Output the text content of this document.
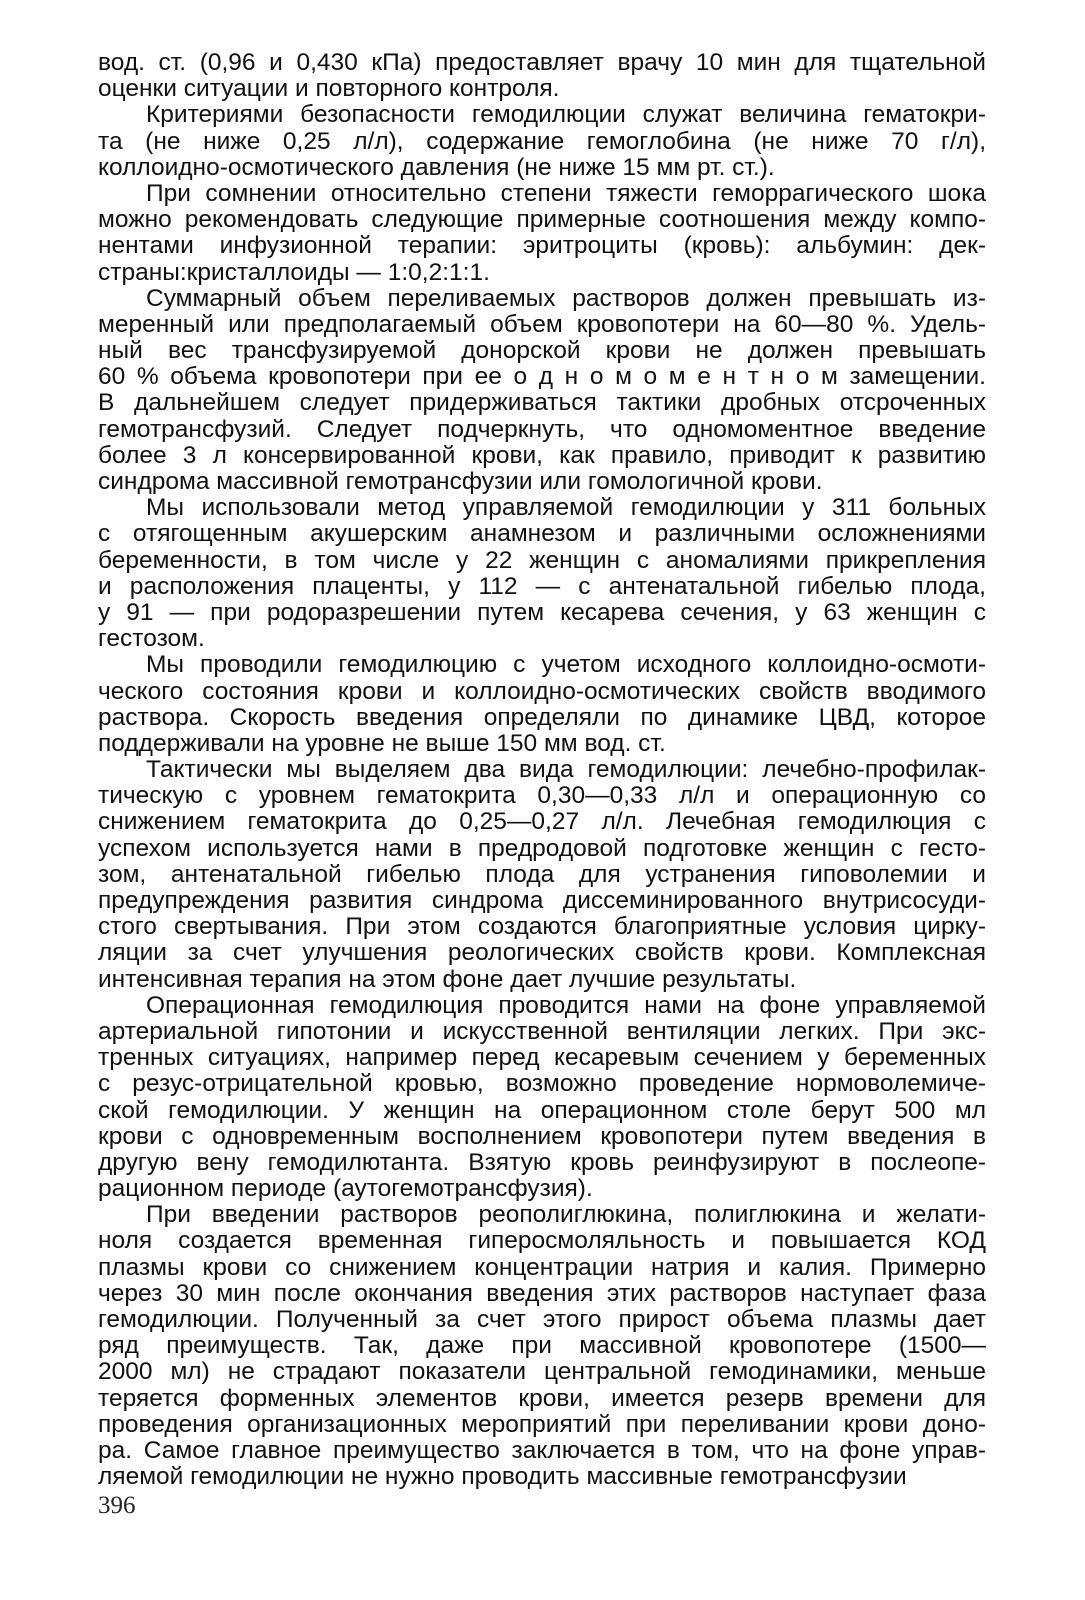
вод. ст. (0,96 и 0,430 кПа) предоставляет врачу 10 мин для тщательной
оценки ситуации и повторного контроля.
Критериями безопасности гемодилюции служат величина гематокри-
та (не ниже 0,25 л/л), содержание гемоглобина (не ниже 70 г/л),
коллоидно-осмотического давления (не ниже 15 мм рт. ст.).
При сомнении относительно степени тяжести геморрагического шока
можно рекомендовать следующие примерные соотношения между компо-
нентами инфузионной терапии: эритроциты (кровь): альбумин: дек-
страны:кристаллоиды — 1:0,2:1:1.
Суммарный объем переливаемых растворов должен превышать из-
меренный или предполагаемый объем кровопотери на 60—80 %. Удель-
ный вес трансфузируемой донорской крови не должен превышать
60 % объема кровопотери при ее о д н о м о м е н т н о м замещении.
В дальнейшем следует придерживаться тактики дробных отсроченных
гемотрансфузий. Следует подчеркнуть, что одномоментное введение
более 3 л консервированной крови, как правило, приводит к развитию
синдрома массивной гемотрансфузии или гомологичной крови.
Мы использовали метод управляемой гемодилюции у 311 больных
с отягощенным акушерским анамнезом и различными осложнениями
беременности, в том числе у 22 женщин с аномалиями прикрепления
и расположения плаценты, у 112 — с антенатальной гибелью плода,
у 91 — при родоразрешении путем кесарева сечения, у 63 женщин с
гестозом.
Мы проводили гемодилюцию с учетом исходного коллоидно-осмоти-
ческого состояния крови и коллоидно-осмотических свойств вводимого
раствора. Скорость введения определяли по динамике ЦВД, которое
поддерживали на уровне не выше 150 мм вод. ст.
Тактически мы выделяем два вида гемодилюции: лечебно-профилак-
тическую с уровнем гематокрита 0,30—0,33 л/л и операционную со
снижением гематокрита до 0,25—0,27 л/л. Лечебная гемодилюция с
успехом используется нами в предродовой подготовке женщин с гесто-
зом, антенатальной гибелью плода для устранения гиповолемии и
предупреждения развития синдрома диссеминированного внутрисосуди-
стого свертывания. При этом создаются благоприятные условия цирку-
ляции за счет улучшения реологических свойств крови. Комплексная
интенсивная терапия на этом фоне дает лучшие результаты.
Операционная гемодилюция проводится нами на фоне управляемой
артериальной гипотонии и искусственной вентиляции легких. При экс-
тренных ситуациях, например перед кесаревым сечением у беременных
с резус-отрицательной кровью, возможно проведение нормоволемиче-
ской гемодилюции. У женщин на операционном столе берут 500 мл
крови с одновременным восполнением кровопотери путем введения в
другую вену гемодилютанта. Взятую кровь реинфузируют в послеопе-
рационном периоде (аутогемотрансфузия).
При введении растворов реополиглюкина, полиглюкина и желати-
ноля создается временная гиперосмоляльность и повышается КОД
плазмы крови со снижением концентрации натрия и калия. Примерно
через 30 мин после окончания введения этих растворов наступает фаза
гемодилюции. Полученный за счет этого прирост объема плазмы дает
ряд преимуществ. Так, даже при массивной кровопотере (1500—
2000 мл) не страдают показатели центральной гемодинамики, меньше
теряется форменных элементов крови, имеется резерв времени для
проведения организационных мероприятий при переливании крови доно-
ра. Самое главное преимущество заключается в том, что на фоне управ-
ляемой гемодилюции не нужно проводить массивные гемотрансфузии
396
